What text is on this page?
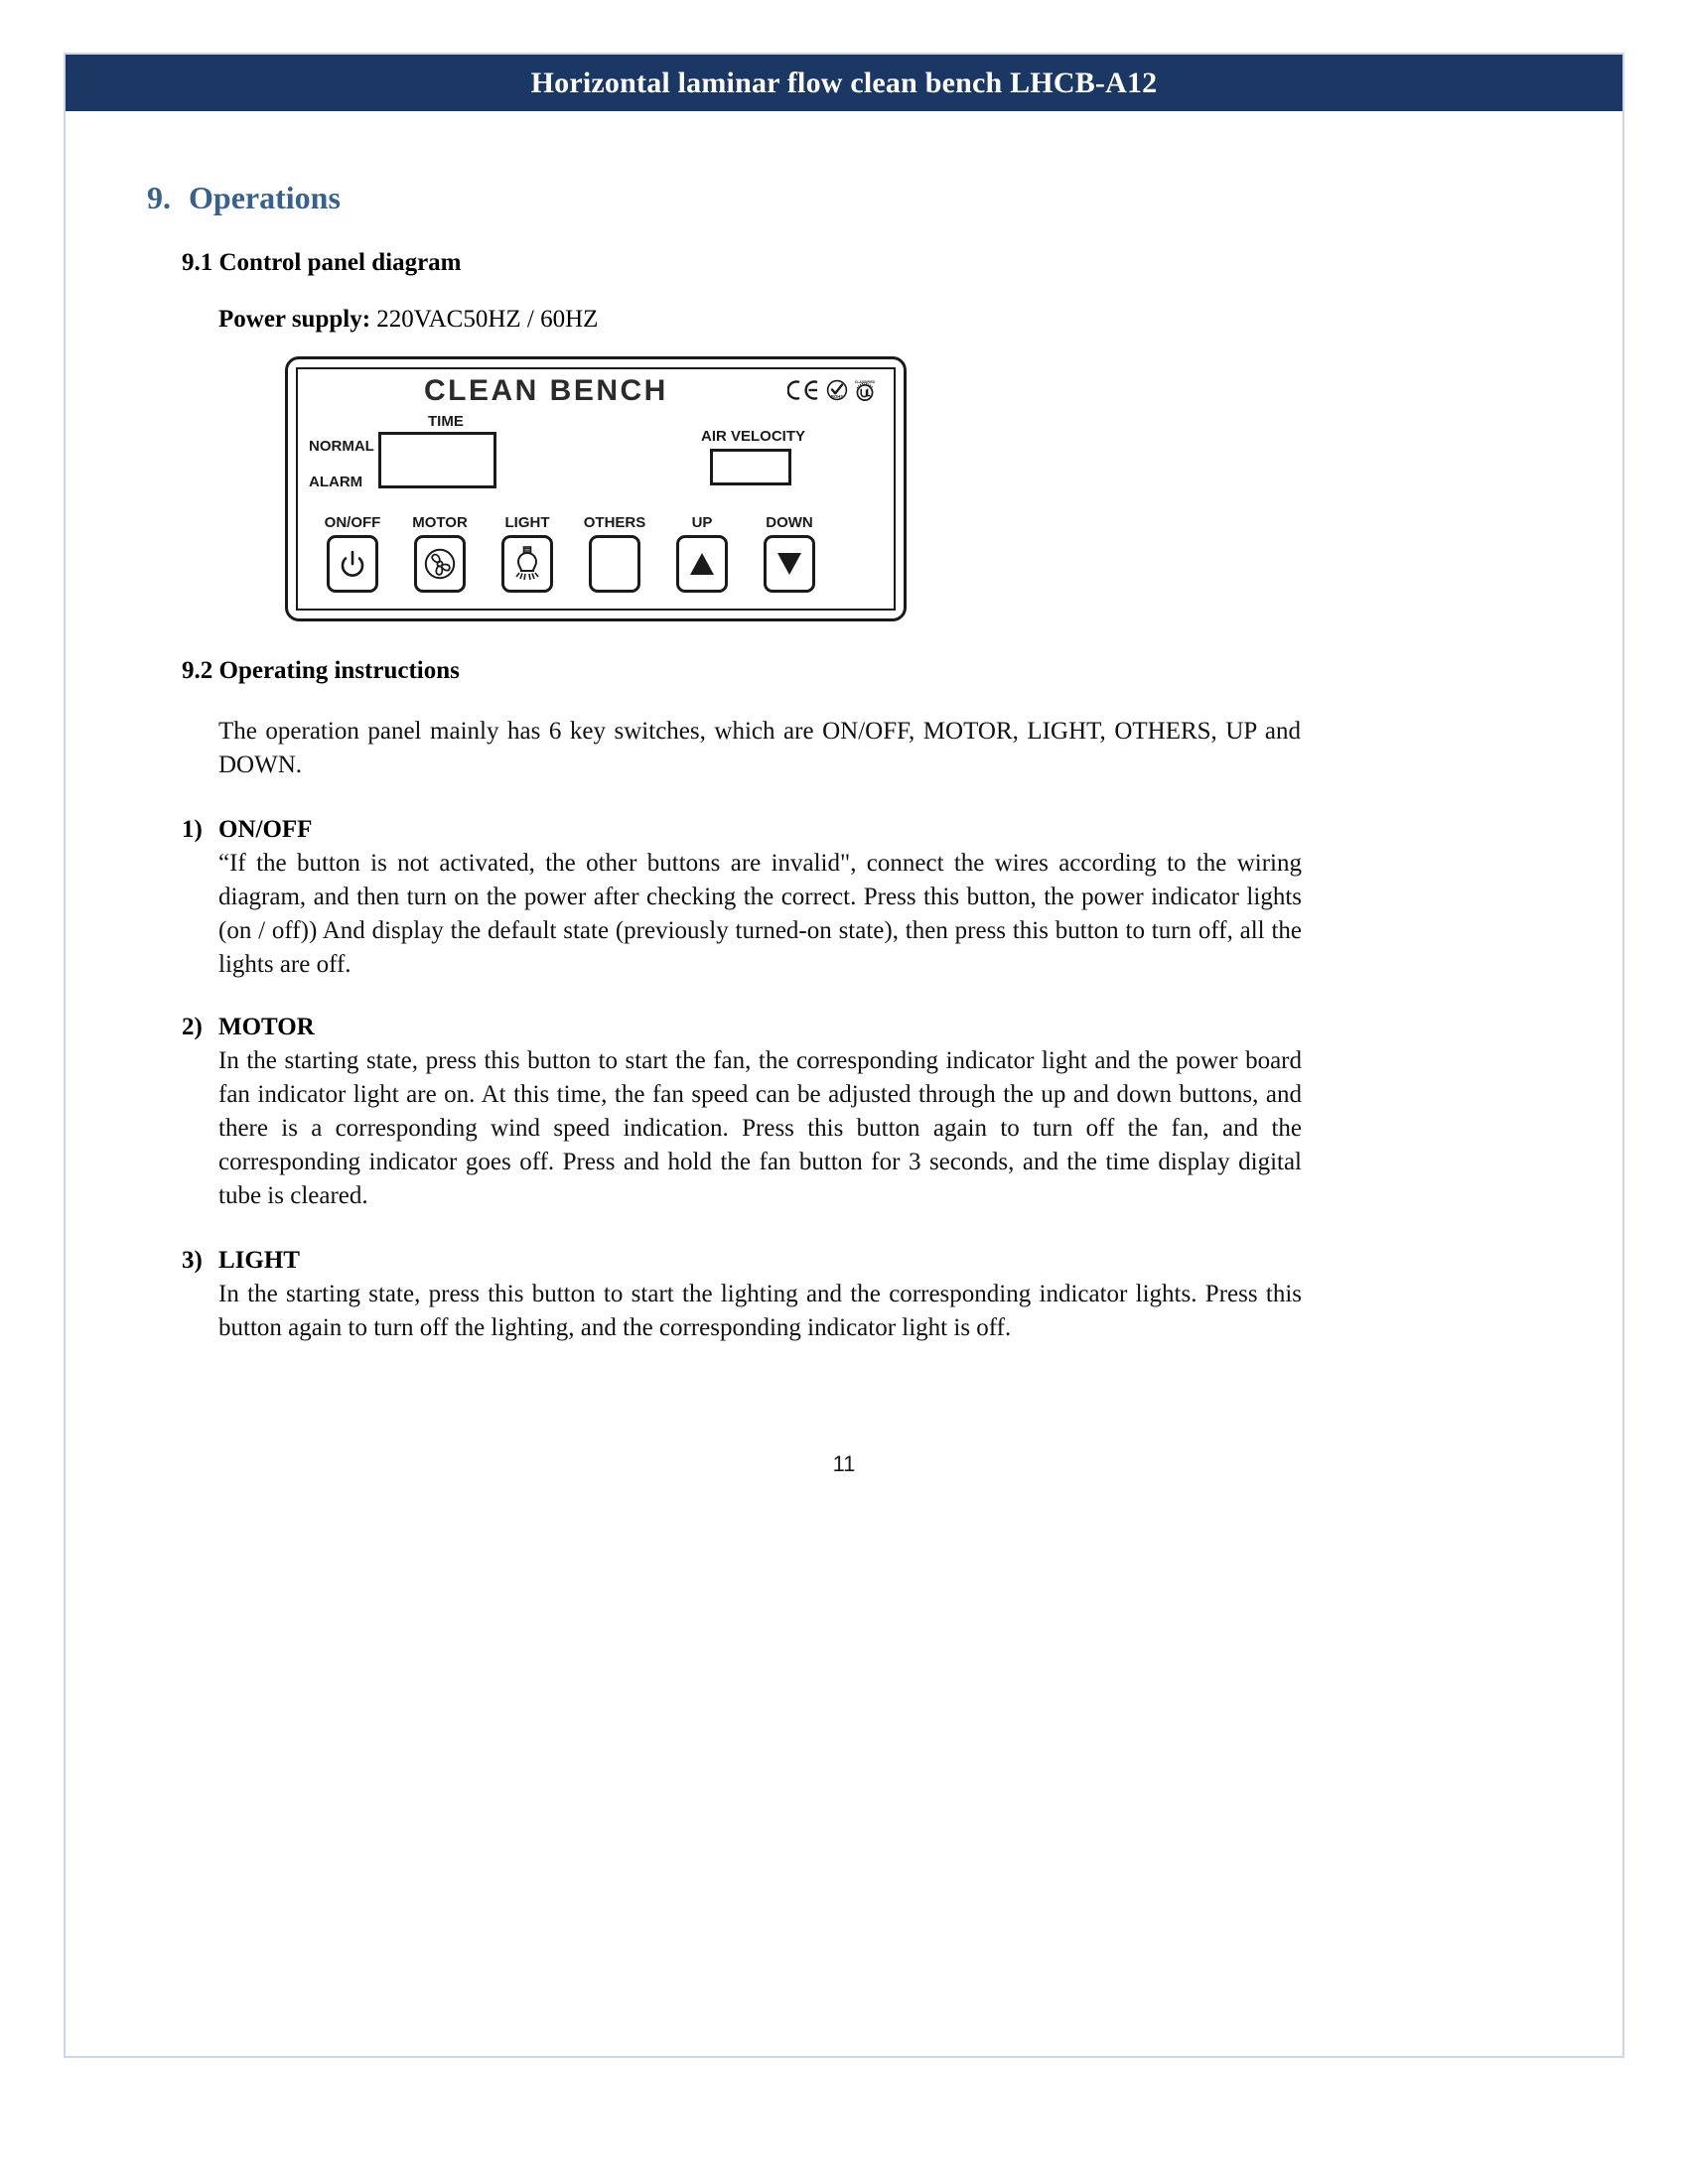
Horizontal laminar flow clean bench LHCB-A12
9. Operations
9.1 Control panel diagram
Power supply: 220VAC50HZ / 60HZ
CLEAN BENCH	ROHS
CLASSIFIED
TIME
NORMAL
ALARM
AIR VELOCITY
ON/OFF MOTOR	LIGHT OTHERS	UP	DOWN
9.2 Operating instructions
The operation panel mainly has 6 key switches, which are ON/OFF, MOTOR, LIGHT, OTHERS, UP and DOWN.
1) ON/OFF
“If the button is not activated, the other buttons are invalid", connect the wires according to the wiring diagram, and then turn on the power after checking the correct. Press this button, the power indicator lights (on / off)) And display the default state (previously turned-on state), then press this button to turn off, all the lights are off.
2) MOTOR
In the starting state, press this button to start the fan, the corresponding indicator light and the power board fan indicator light are on. At this time, the fan speed can be adjusted through the up and down buttons, and there is a corresponding wind speed indication. Press this button again to turn off the fan, and the corresponding indicator goes off. Press and hold the fan button for 3 seconds, and the time display digital tube is cleared.
3) LIGHT
In the starting state, press this button to start the lighting and the corresponding indicator lights. Press this button again to turn off the lighting, and the corresponding indicator light is off.
11
